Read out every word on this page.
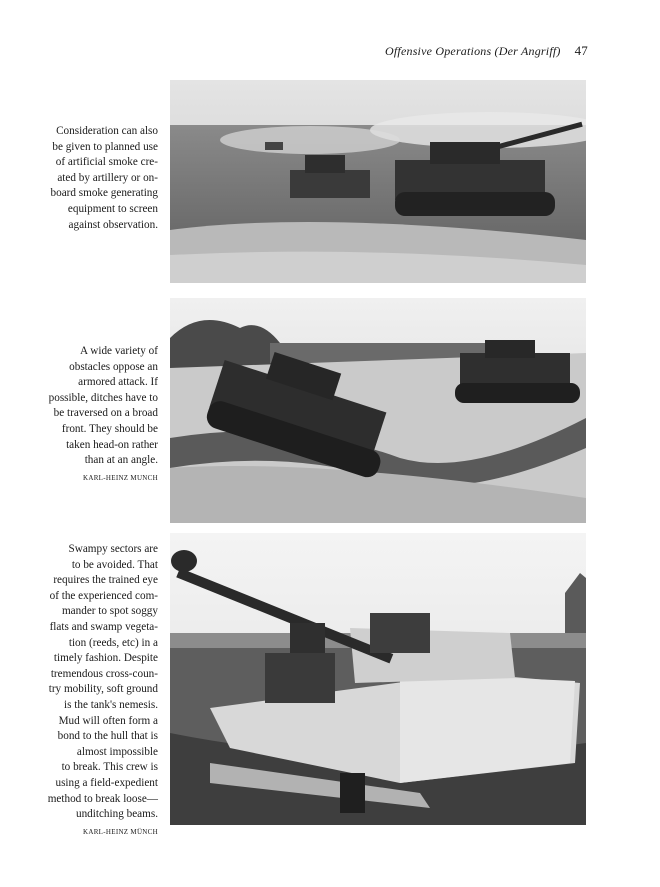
Offensive Operations (Der Angriff) 47
Consideration can also
be given to planned use
of artificial smoke cre-
ated by artillery or on-
board smoke generating
equipment to screen
against observation.
A wide variety of
obstacles oppose an
armored attack. If
possible, ditches have to
be traversed on a broad
front. They should be
taken head-on rather
than at an angle.
KARL-HEINZ MUNCH
Swampy sectors are
to be avoided. That
requires the trained eye
of the experienced com-
mander to spot soggy
flats and swamp vegeta-
tion (reeds, etc) in a
timely fashion. Despite
tremendous cross-coun-
try mobility, soft ground
is the tank's nemesis.
Mud will often form a
bond to the hull that is
almost impossible
to break. This crew is
using a field-expedient
method to break loose—
unditching beams.
KARL-HEINZ MÜNCH
